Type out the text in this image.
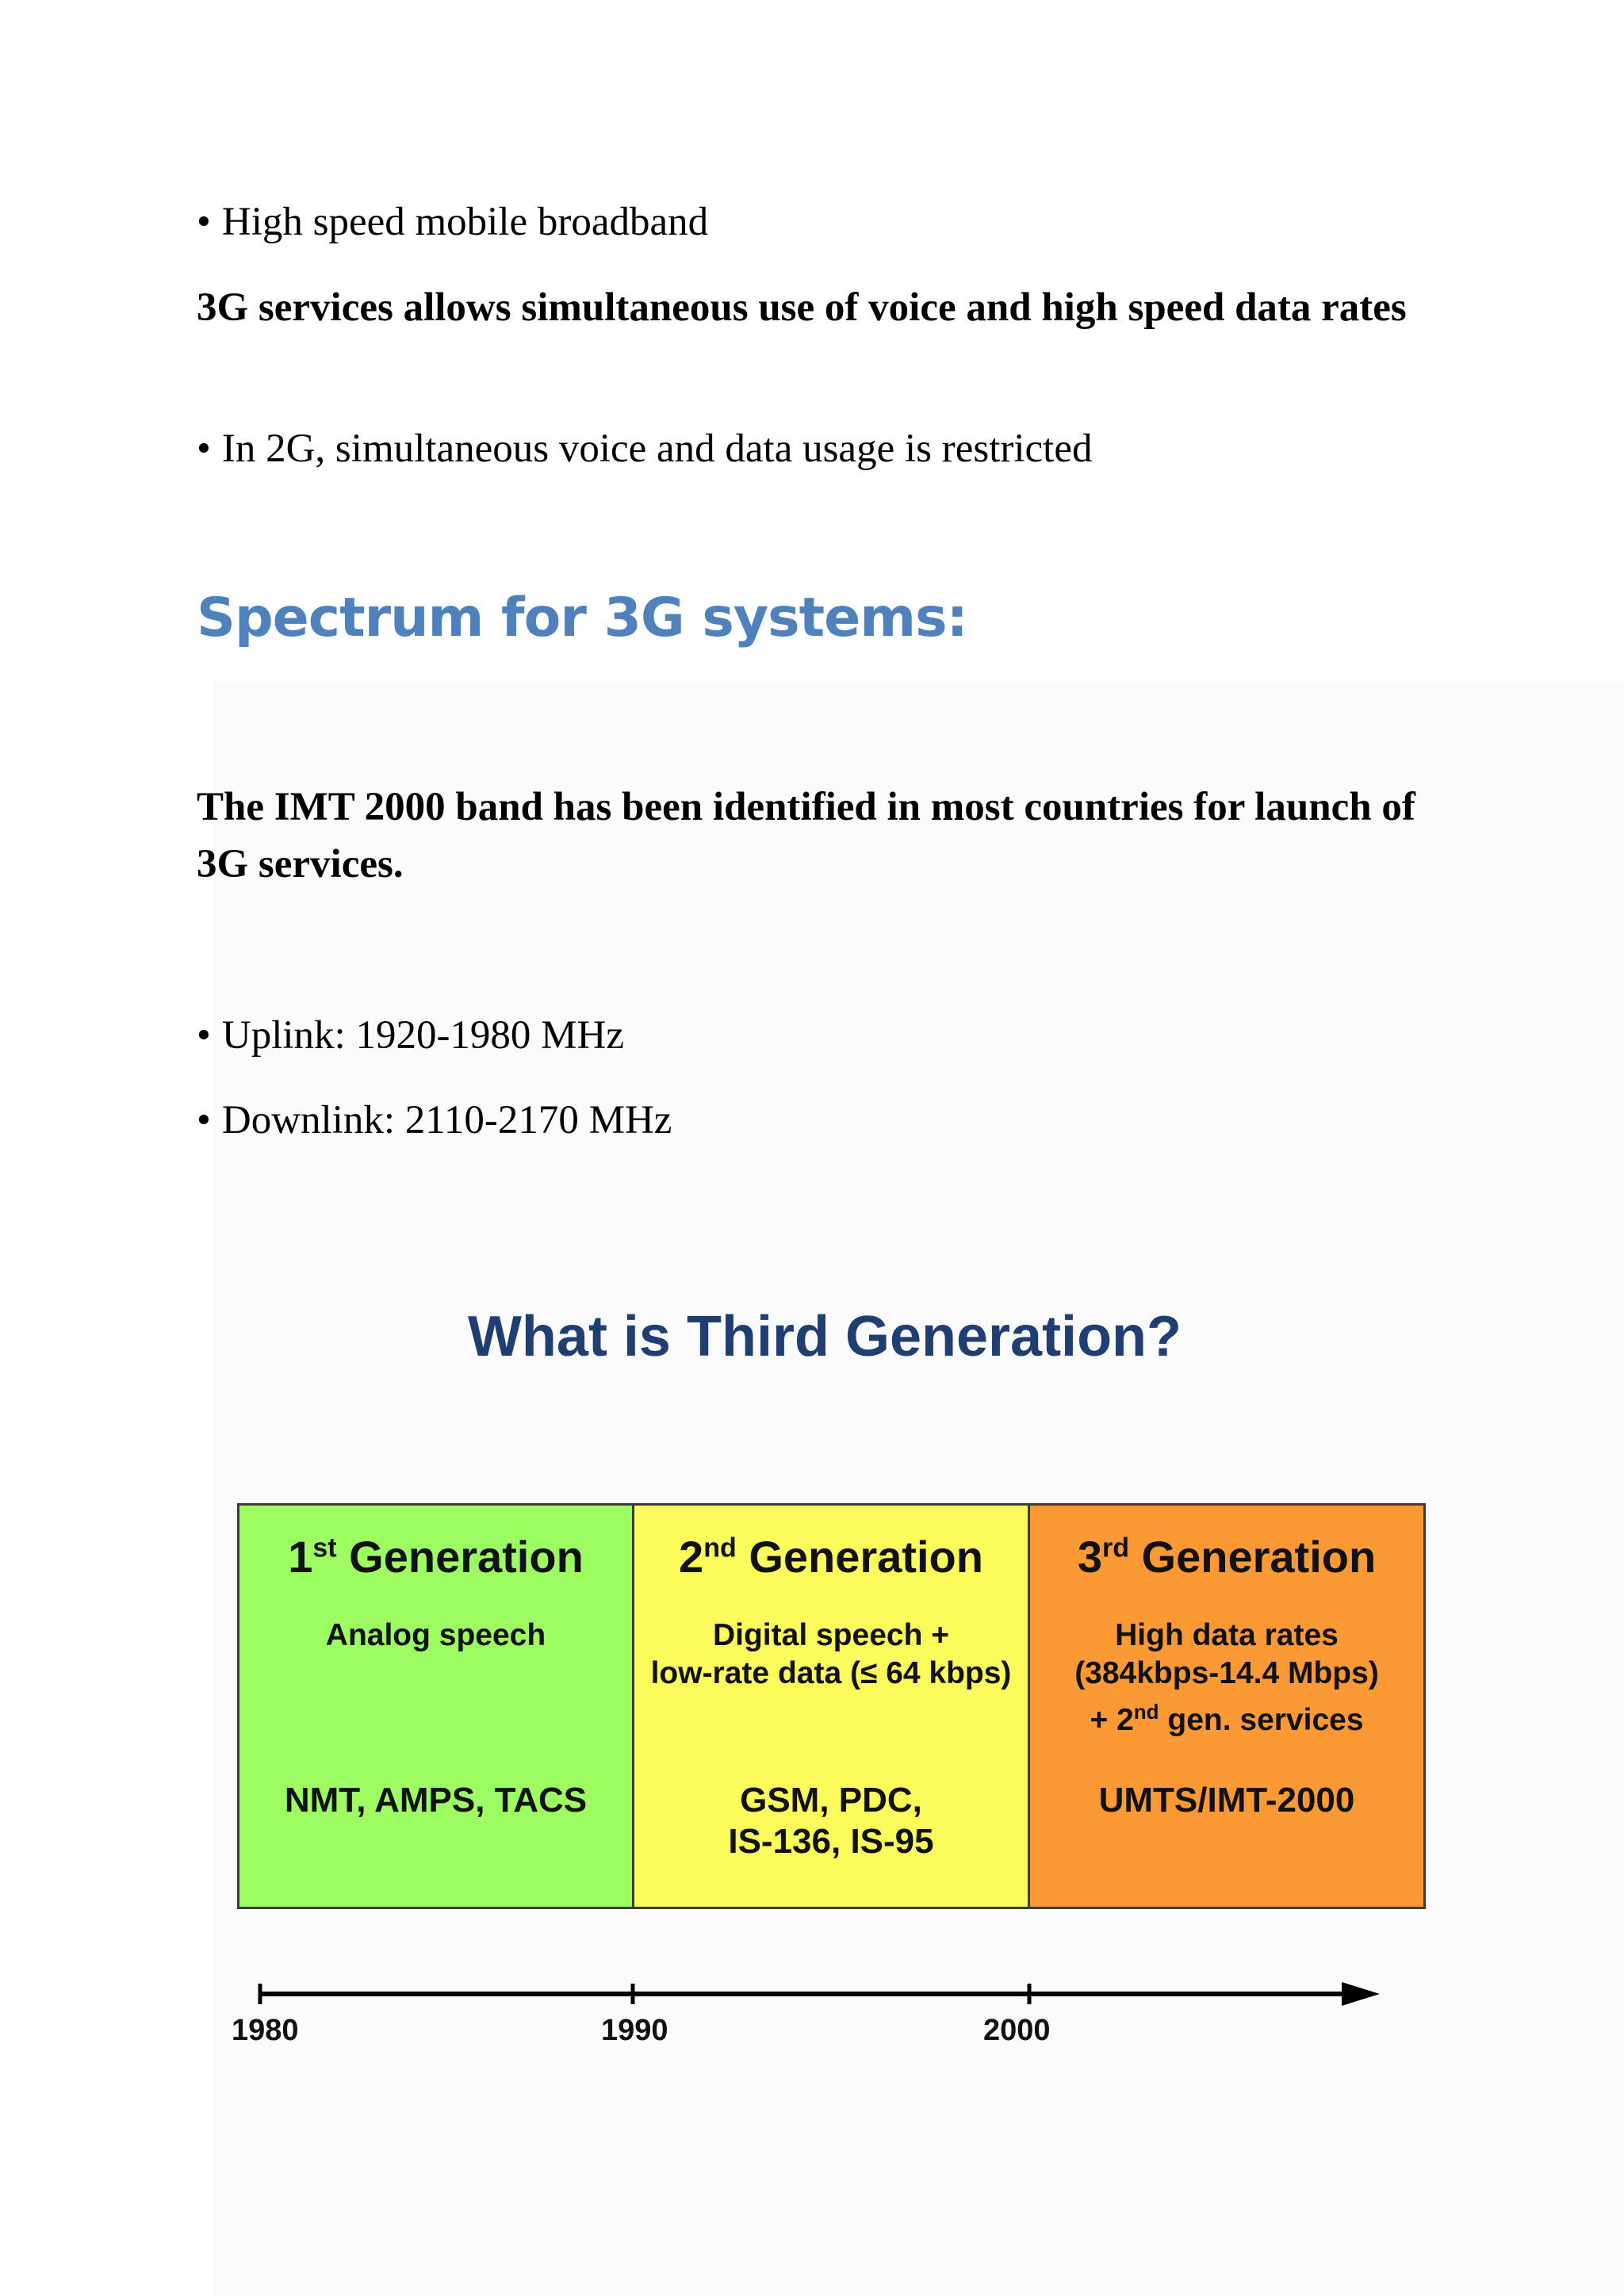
• High speed mobile broadband

3G services allows simultaneous use of voice and high speed data rates

• In 2G, simultaneous voice and data usage is restricted

Spectrum for 3G systems:

The IMT 2000 band has been identified in most countries for launch of 3G services.

• Uplink: 1920-1980 MHz

• Downlink: 2110-2170 MHz

What is Third Generation?
1st Generation
Analog speech
NMT, AMPS, TACS
2nd Generation
Digital speech +
low-rate data (≤ 64 kbps)
GSM, PDC,
IS-136, IS-95
3rd Generation
High data rates
(384kbps-14.4 Mbps)
+ 2nd gen. services
UMTS/IMT-2000
1980	1990	2000
